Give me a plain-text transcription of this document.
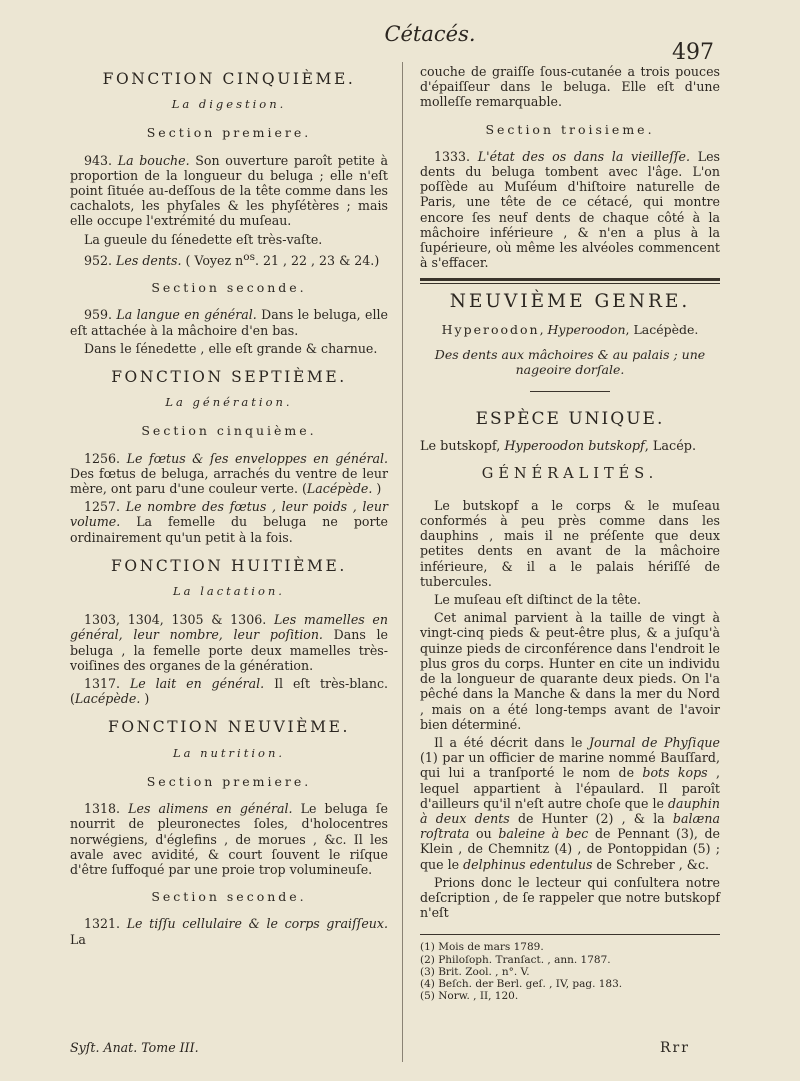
Cétacés.
497
FONCTION CINQUIÈME.
La digestion.
Section premiere.

943. La bouche. Son ouverture paroît petite à proportion de la longueur du beluga ; elle n'eſt point ſituée au-deſſous de la tête comme dans les cachalots, les phyſales & les phyſétères ; mais elle occupe l'extrémité du muſeau.

La gueule du ſénedette eſt très-vaſte.

952. Les dents. ( Voyez $n^{os}$. 21 , 22 , 23 & 24.)

Section seconde.

959. La langue en général. Dans le beluga, elle eſt attachée à la mâchoire d'en bas.

Dans le ſénedette , elle eſt grande & charnue.

FONCTION SEPTIÈME.
La génération.
Section cinquième.

1256. Le fœtus & ſes enveloppes en général. Des fœtus de beluga, arrachés du ventre de leur mère, ont paru d'une couleur verte. (Lacépède. )

1257. Le nombre des fœtus , leur poids , leur volume. La femelle du beluga ne porte ordinairement qu'un petit à la fois.

FONCTION HUITIÈME.
La lactation.

1303, 1304, 1305 & 1306. Les mamelles en général, leur nombre, leur poſition. Dans le beluga , la femelle porte deux mamelles très-voiſines des organes de la génération.

1317. Le lait en général. Il eſt très-blanc. (Lacépède. )

FONCTION NEUVIÈME.
La nutrition.
Section premiere.

1318. Les alimens en général. Le beluga ſe nourrit de pleuronectes ſoles, d'holocentres norwégiens, d'églefins , de morues , &c. Il les avale avec avidité, & court ſouvent le riſque d'être ſuffoqué par une proie trop volumineuſe.

Section seconde.

1321. Le tiſſu cellulaire & le corps graiſſeux. La

Syſt. Anat. Tome III.

couche de graiſſe ſous-cutanée a trois pouces d'épaiſſeur dans le beluga. Elle eſt d'une molleſſe remarquable.

Section troisieme.

1333. L'état des os dans la vieilleſſe. Les dents du beluga tombent avec l'âge. L'on poſſède au Muſéum d'hiſtoire naturelle de Paris, une tête de ce cétacé, qui montre encore ſes neuf dents de chaque côté à la mâchoire inférieure , & n'en a plus à la ſupérieure, où même les alvéoles commencent à s'effacer.

NEUVIÈME GENRE.
Hyperoodon, Hyperoodon, Lacépède.
Des dents aux mâchoires & au palais ; une nageoire dorſale.
ESPÈCE UNIQUE.
Le butskopf, Hyperoodon butskopf, Lacép.
GÉNÉRALITÉS.

Le butskopf a le corps & le muſeau conformés à peu près comme dans les dauphins , mais il ne préſente que deux petites dents en avant de la mâchoire inférieure, & il a le palais hériſſé de tubercules.

Le muſeau eſt diſtinct de la tête.

Cet animal parvient à la taille de vingt à vingt-cinq pieds & peut-être plus, & a juſqu'à quinze pieds de circonférence dans l'endroit le plus gros du corps. Hunter en cite un individu de la longueur de quarante deux pieds. On l'a pêché dans la Manche & dans la mer du Nord , mais on a été long-temps avant de l'avoir bien déterminé.

Il a été décrit dans le Journal de Phyſique (1) par un officier de marine nommé Bauſſard, qui lui a tranſporté le nom de bots kops , lequel appartient à l'épaulard. Il paroît d'ailleurs qu'il n'eſt autre choſe que le dauphin à deux dents de Hunter (2) , & la balæna roſtrata ou baleine à bec de Pennant (3), de Klein , de Chemnitz (4) , de Pontoppidan (5) ; que le delphinus edentulus de Schreber , &c.

Prions donc le lecteur qui conſultera notre deſcription , de ſe rappeler que notre butskopf n'eſt

(1) Mois de mars 1789.

(2) Philoſoph. Tranſact. , ann. 1787.

(3) Brit. Zool. , n°. V.

(4) Beſch. der Berl. geſ. , IV, pag. 183.

(5) Norw. , II, 120.

Rrr
